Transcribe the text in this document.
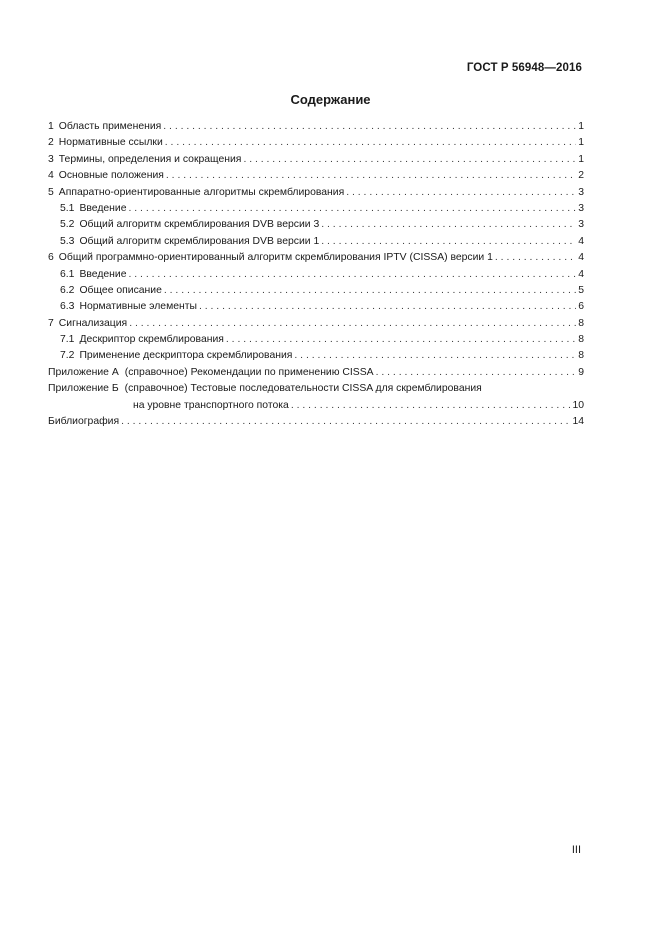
ГОСТ Р 56948—2016
Содержание
1 Область применения . . .	1
2 Нормативные ссылки . . .	1
3 Термины, определения и сокращения . . .	1
4 Основные положения . . .	2
5 Аппаратно-ориентированные алгоритмы скремблирования . . .	3
5.1 Введение . . .	3
5.2 Общий алгоритм скремблирования DVB версии 3 . . .	3
5.3 Общий алгоритм скремблирования DVB версии 1 . . .	4
6 Общий программно-ориентированный алгоритм скремблирования IPTV (CISSA) версии 1 . . .	4
6.1 Введение . . .	4
6.2 Общее описание . . .	5
6.3 Нормативные элементы . . .	6
7 Сигнализация . . .	8
7.1 Дескриптор скремблирования . . .	8
7.2 Применение дескриптора скремблирования . . .	8
Приложение А (справочное) Рекомендации по применению CISSA . . .	9
Приложение Б (справочное) Тестовые последовательности CISSA для скремблирования
на уровне транспортного потока . . .	10
Библиография . . .	14
III
